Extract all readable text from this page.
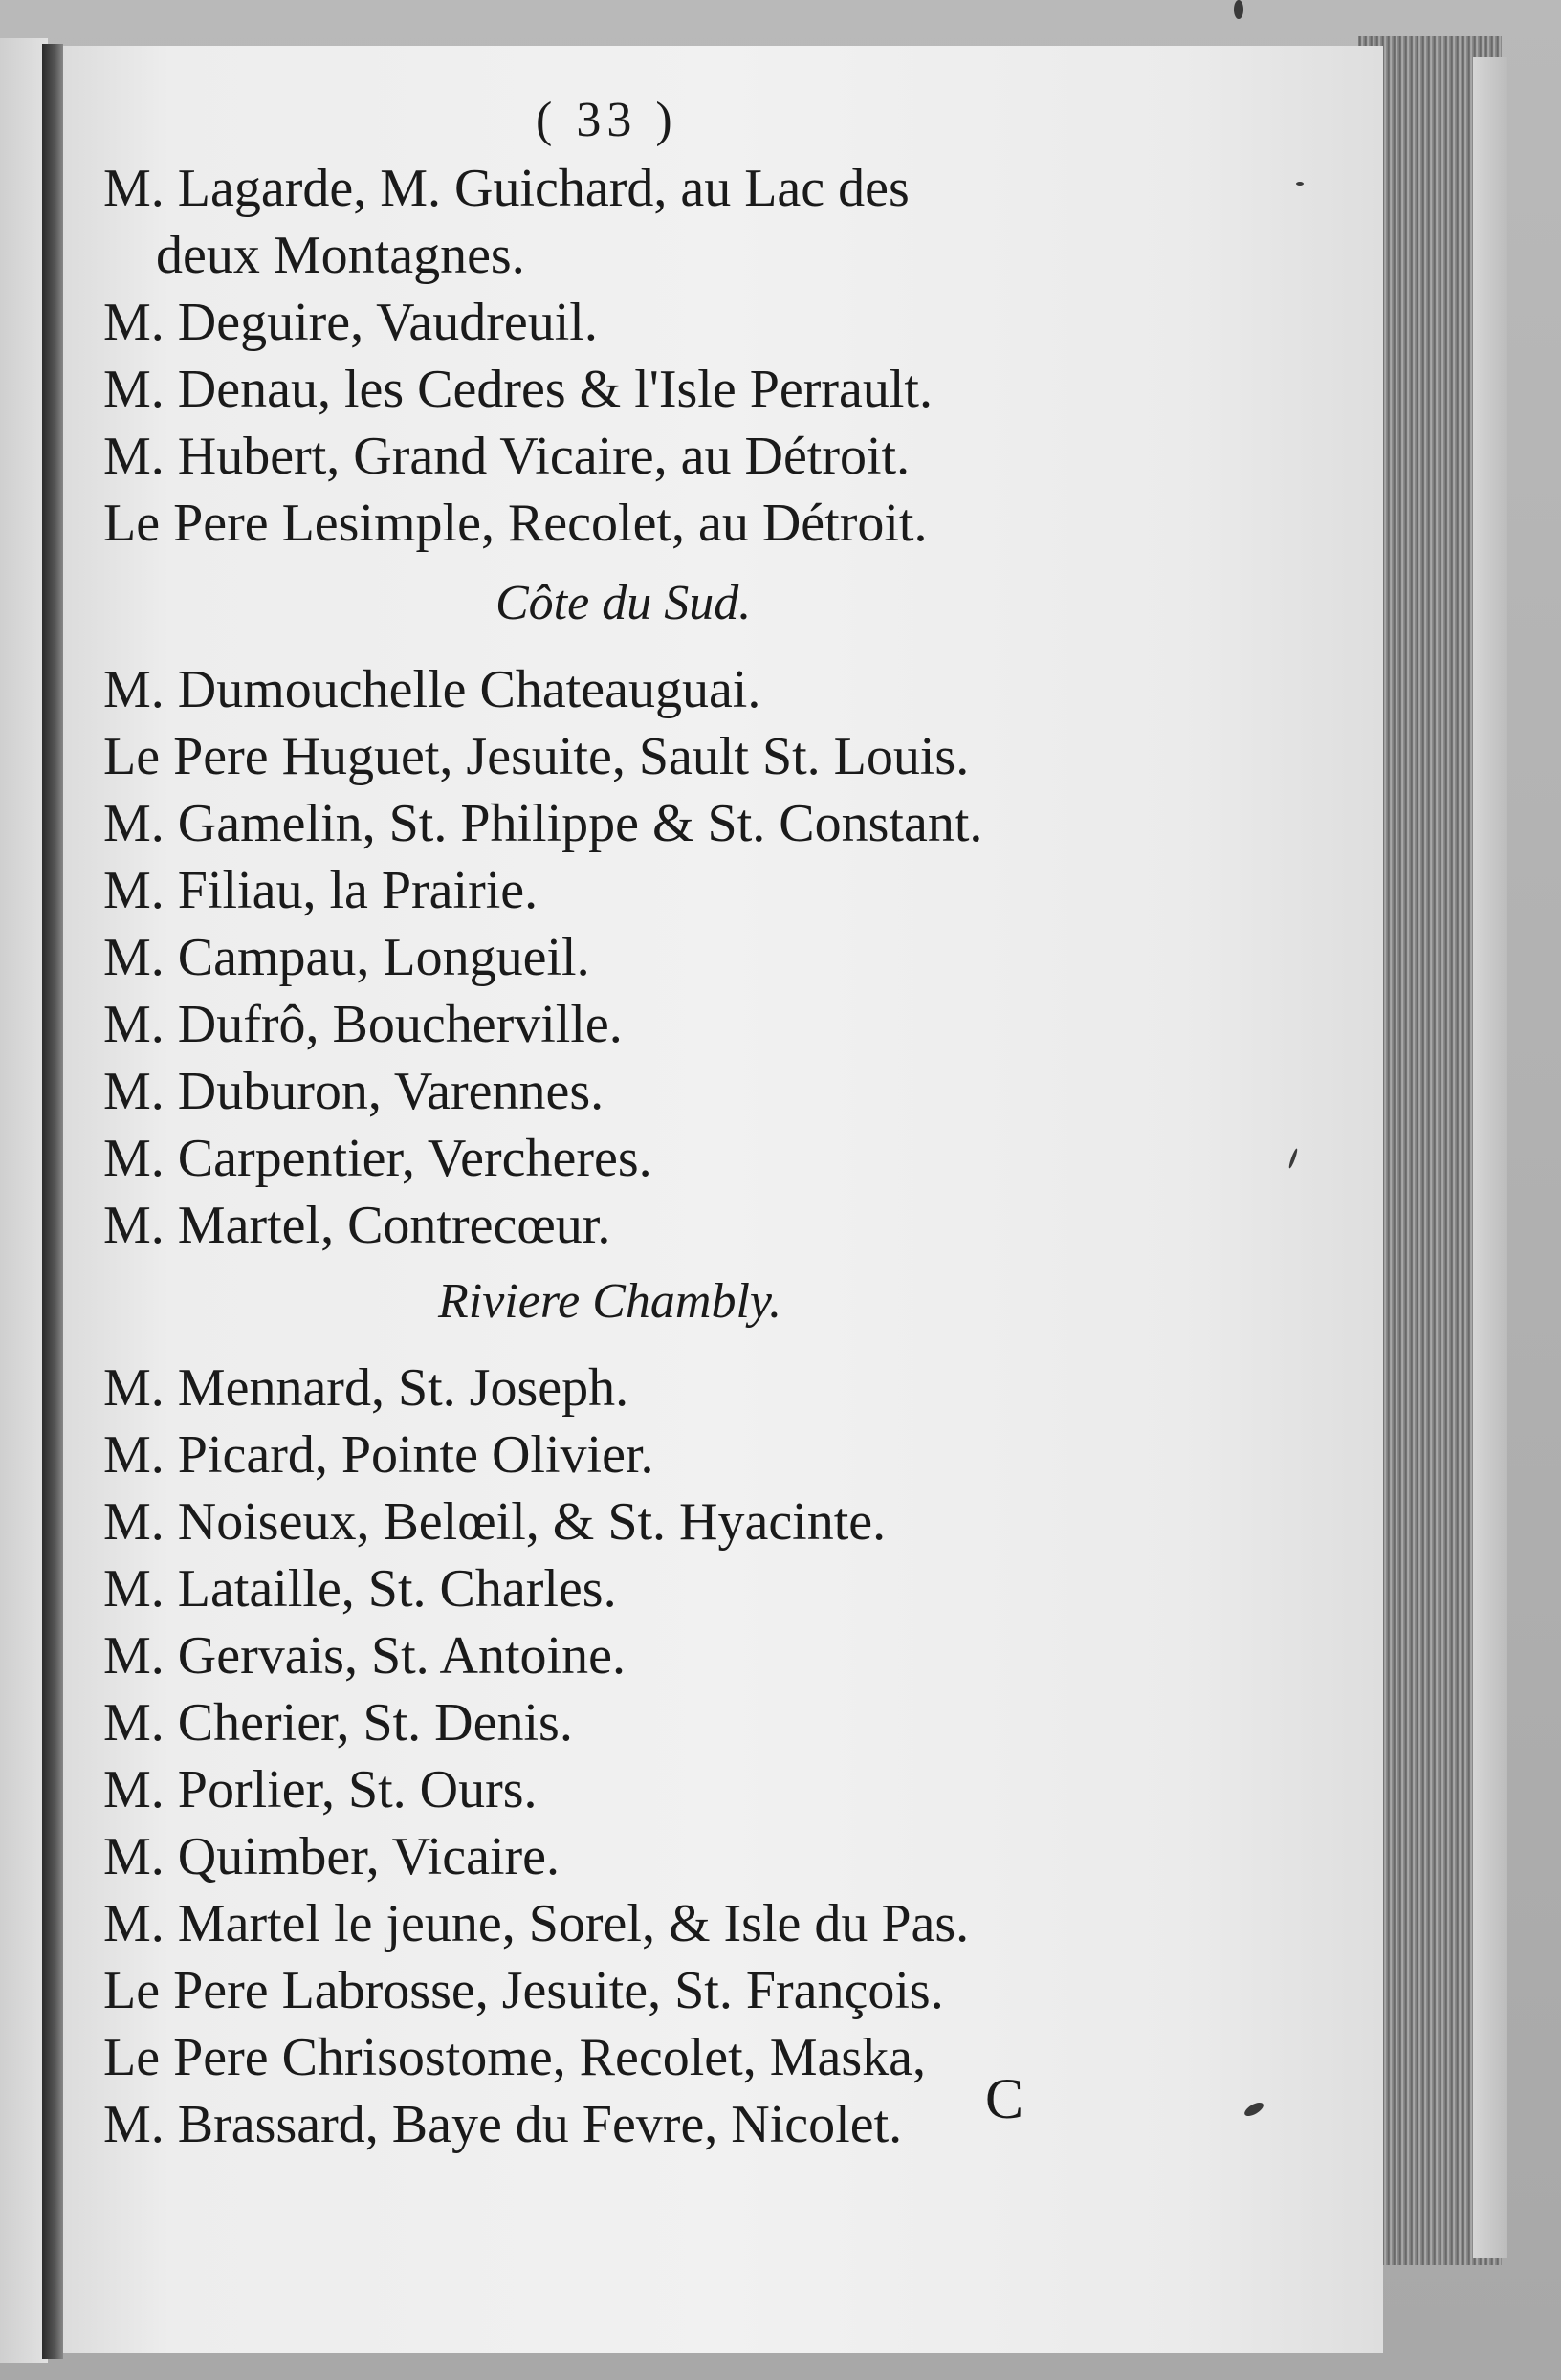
( 33 )
M. Lagarde, M. Guichard, au Lac des
deux Montagnes.
M. Deguire, Vaudreuil.
M. Denau, les Cedres & l'Isle Perrault.
M. Hubert, Grand Vicaire, au Détroit.
Le Pere Lesimple, Recolet, au Détroit.
Côte du Sud.
M. Dumouchelle Chateauguai.
Le Pere Huguet, Jesuite, Sault St. Louis.
M. Gamelin, St. Philippe & St. Constant.
M. Filiau, la Prairie.
M. Campau, Longueil.
M. Dufrô, Boucherville.
M. Duburon, Varennes.
M. Carpentier, Vercheres.
M. Martel, Contrecœur.
Riviere Chambly.
M. Mennard, St. Joseph.
M. Picard, Pointe Olivier.
M. Noiseux, Belœil, & St. Hyacinte.
M. Lataille, St. Charles.
M. Gervais, St. Antoine.
M. Cherier, St. Denis.
M. Porlier, St. Ours.
M. Quimber, Vicaire.
M. Martel le jeune, Sorel, & Isle du Pas.
Le Pere Labrosse, Jesuite, St. François.
Le Pere Chrisostome, Recolet, Maska,
M. Brassard, Baye du Fevre, Nicolet. C
